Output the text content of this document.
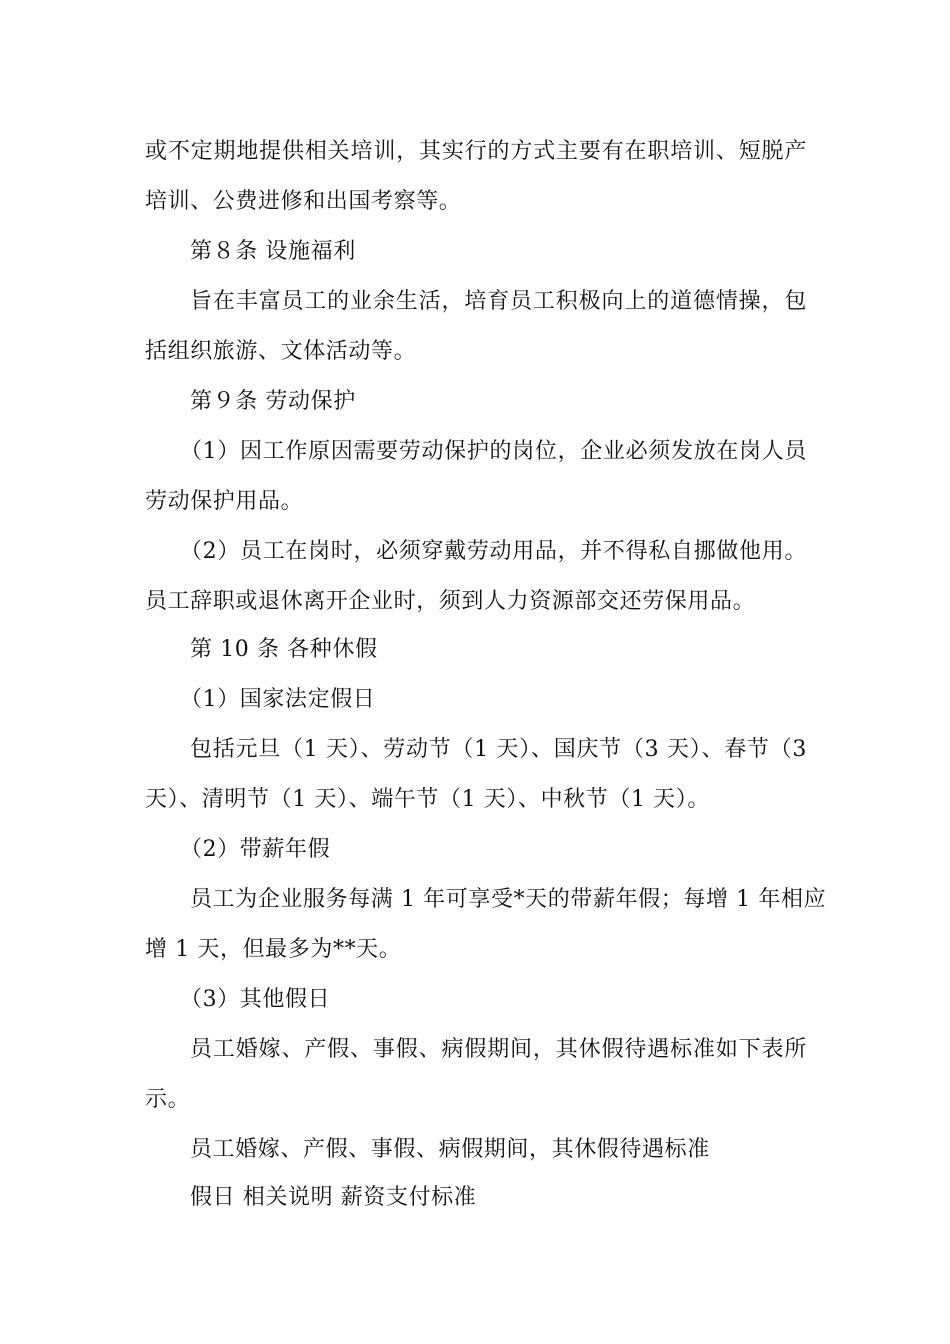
或不定期地提供相关培训，其实行的方式主要有在职培训、短脱产
培训、公费进修和出国考察等。
第８条 设施福利
旨在丰富员工的业余生活，培育员工积极向上的道德情操，包
括组织旅游、文体活动等。
第９条 劳动保护
（1）因工作原因需要劳动保护的岗位，企业必须发放在岗人员
劳动保护用品。
（2）员工在岗时，必须穿戴劳动用品，并不得私自挪做他用。
员工辞职或退休离开企业时，须到人力资源部交还劳保用品。
第 10 条 各种休假
（1）国家法定假日
包括元旦（1 天）、劳动节（1 天）、国庆节（3 天）、春节（3
天）、清明节（1 天）、端午节（1 天）、中秋节（1 天）。
（2）带薪年假
员工为企业服务每满 1 年可享受*天的带薪年假；每增 1 年相应
增 1 天，但最多为**天。
（3）其他假日
员工婚嫁、产假、事假、病假期间，其休假待遇标准如下表所
示。
员工婚嫁、产假、事假、病假期间，其休假待遇标准
假日 相关说明 薪资支付标准
